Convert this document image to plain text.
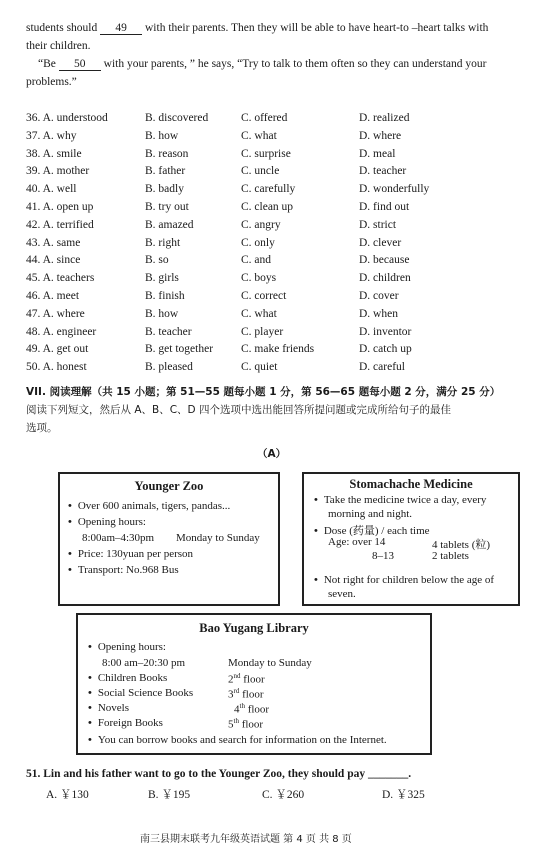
students should 49 with their parents. Then they will be able to have heart-to –heart talks with
their children.
“Be 50 with your parents, ” he says, “Try to talk to them often so they can understand your
problems.”
36. A. understood	B. discovered	C. offered	D. realized
37. A. why	B. how	C. what	D. where
38. A. smile	B. reason	C. surprise	D. meal
39. A. mother	B. father	C. uncle	D. teacher
40. A. well	B. badly	C. carefully	D. wonderfully
41. A. open up	B. try out	C. clean up	D. find out
42. A. terrified	B. amazed	C. angry	D. strict
43. A. same	B. right	C. only	D. clever
44. A. since	B. so	C. and	D. because
45. A. teachers	B. girls	C. boys	D. children
46. A. meet	B. finish	C. correct	D. cover
47. A. where	B. how	C. what	D. when
48. A. engineer	B. teacher	C. player	D. inventor
49. A. get out	B. get together C. make friends	D. catch up
50. A. honest	B. pleased	C. quiet	D. careful
VII. 阅读理解（共 15 小题；第 51—55 题每小题 1 分，第 56—65 题每小题 2 分，满分 25 分）
阅读下列短文，然后从 A、B、C、D 四个选项中选出能回答所提问题或完成所给句子的最佳
选项。
（A）
Younger Zoo
• Over 600 animals, tigers, pandas...
• Opening hours:
8:00am–4:30pm Monday to Sunday
• Price: 130yuan per person
• Transport: No.968 Bus
Stomachache Medicine
• Take the medicine twice a day, every
morning and night.
• Dose (药量) / each time
Age: over 14	4 tablets (粒)
8–13	2 tablets
• Not right for children below the age of
seven.
Bao Yugang Library
• Opening hours:
8:00 am–20:30 pm	Monday to Sunday
• Children Books	2nd floor
• Social Science Books	3rd floor
• Novels	4th floor
• Foreign Books	5th floor
• You can borrow books and search for information on the Internet.
51. Lin and his father want to go to the Younger Zoo, they should pay _______.
A. ￥130	B. ￥195	C. ￥260	D. ￥325
南三县期末联考九年级英语试题 第 4 页 共 8 页
